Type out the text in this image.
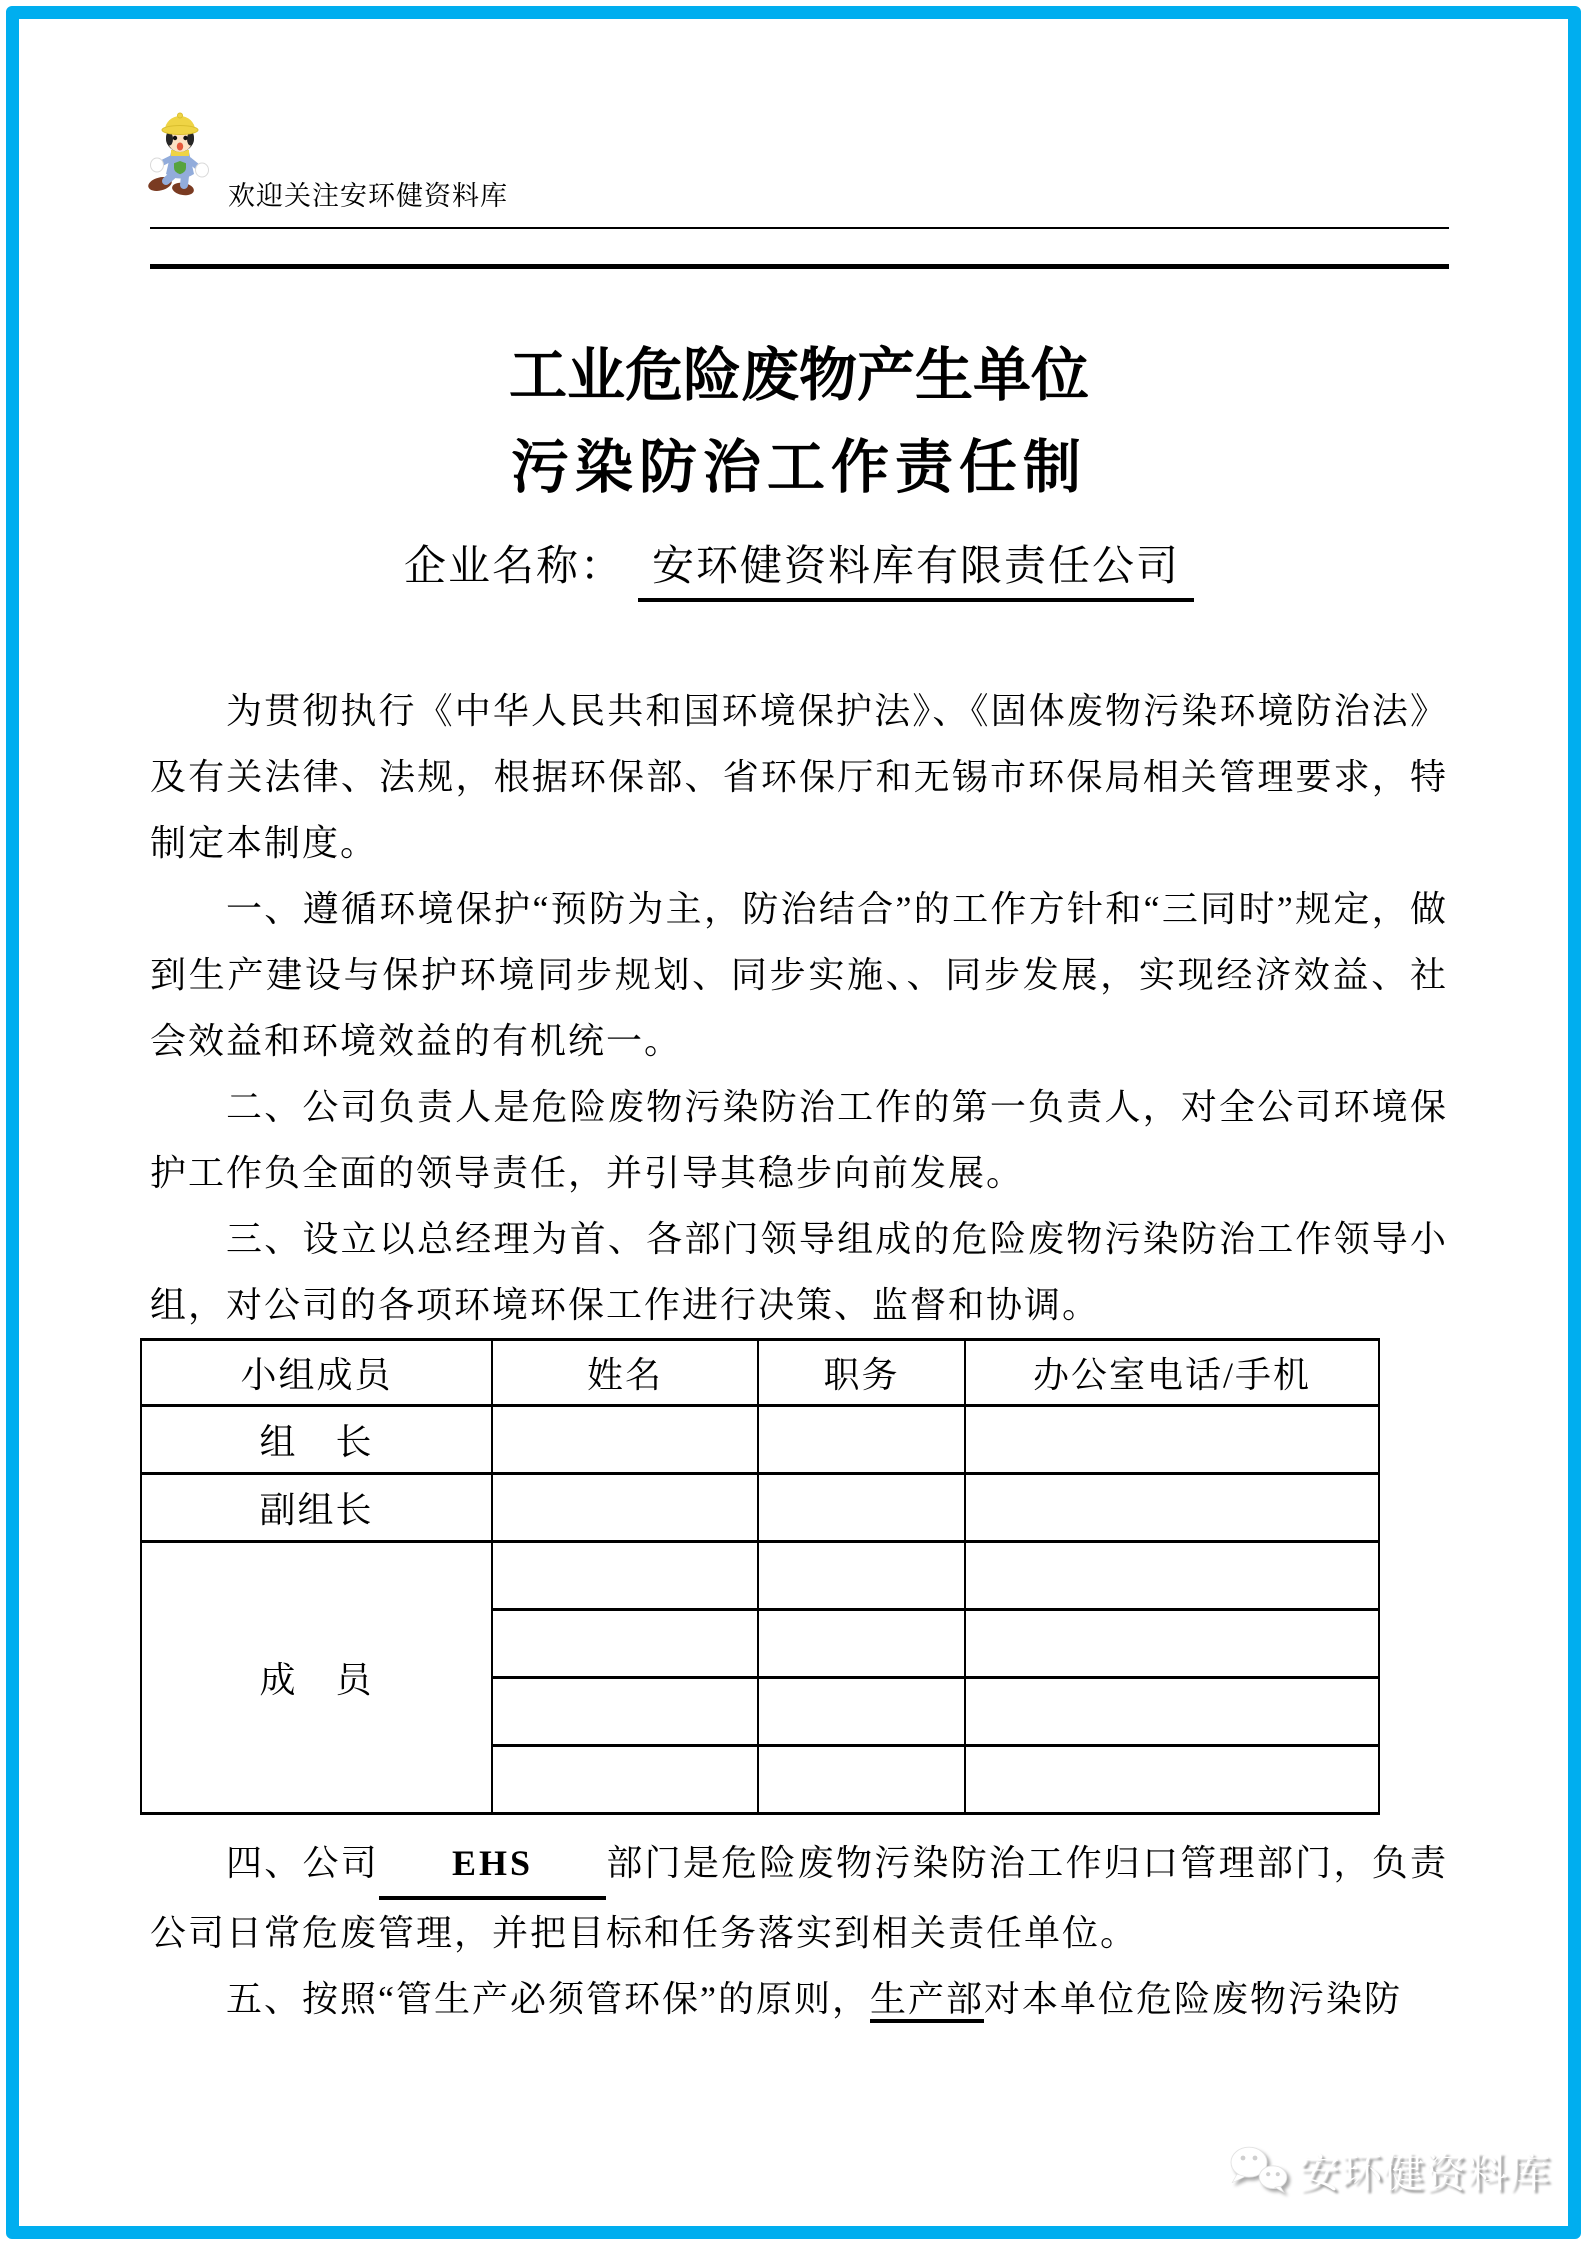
欢迎关注安环健资料库
工业危险废物产生单位
污染防治工作责任制
企业名称： 安环健资料库有限责任公司

为贯彻执行《中华人民共和国环境保护法》、《固体废物污染环境防治法》及有关法律、法规，根据环保部、省环保厅和无锡市环保局相关管理要求，特制定本制度。

一、遵循环境保护“预防为主，防治结合”的工作方针和“三同时”规定，做到生产建设与保护环境同步规划、同步实施、、同步发展，实现经济效益、社会效益和环境效益的有机统一。

二、公司负责人是危险废物污染防治工作的第一负责人，对全公司环境保护工作负全面的领导责任，并引导其稳步向前发展。

三、设立以总经理为首、各部门领导组成的危险废物污染防治工作领导小组，对公司的各项环境环保工作进行决策、监督和协调。

小组成员	姓名	职务	办公室电话/手机
组　长			
副组长			
成　员			

四、公司 EHS 部门是危险废物污染防治工作归口管理部门，负责公司日常危废管理，并把目标和任务落实到相关责任单位。

五、按照“管生产必须管环保”的原则，生产部对本单位危险废物污染防

安环健资料库
